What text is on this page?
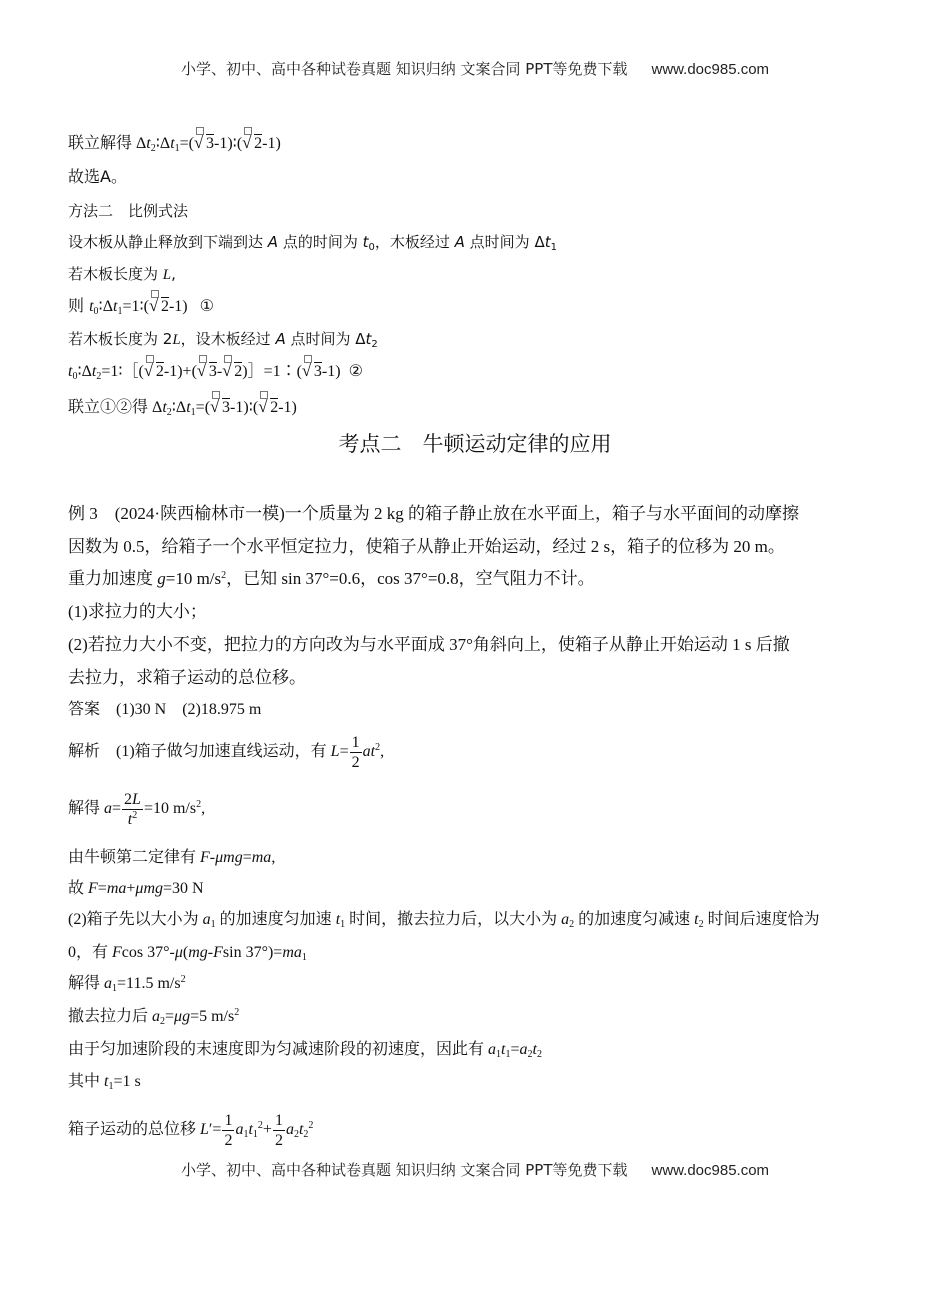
小学、初中、高中各种试卷真题 知识归纳 文案合同 PPT等免费下载 www.doc985.com
联立解得 $\Delta t_2∶\Delta t_1=$( √ 3-1)∶( √ 2-1)
故选A。
方法二　比例式法
设木板从静止释放到下端到达 A 点的时间为 $t_0$，木板经过 A 点时间为 $\Delta t_1$
若木板长度为 L,
则 $t_0∶\Delta t_1=1∶$( √ 2-1)   ①
若木板长度为 2L，设木板经过 A 点时间为 $\Delta t_2$
$t_0∶\Delta t_2=1∶[$( √ 2-1)+( √ 3- √ 2)］=1∶( √ 3-1)  ②
联立①②得 $\Delta t_2∶\Delta t_1=$( √ 3-1)∶( √ 2-1)
考点二　牛顿运动定律的应用
例 3　(2024·陕西榆林市一模)一个质量为 2 kg 的箱子静止放在水平面上，箱子与水平面间的动摩擦
因数为 0.5，给箱子一个水平恒定拉力，使箱子从静止开始运动，经过 2 s，箱子的位移为 20 m。
重力加速度 g=10 $m/s^2$，已知 sin 37°=0.6，cos 37°=0.8，空气阻力不计。
(1)求拉力的大小；
(2)若拉力大小不变，把拉力的方向改为与水平面成 37°角斜向上，使箱子从静止开始运动 1 s 后撤
去拉力，求箱子运动的总位移。
答案　(1)30 N　(2)18.975 m
解析　(1)箱子做匀加速直线运动，有 $L= \frac{1}{2} at^2$,
解得 $a= \frac{2L}{t^2} =10$ $m/s^2$,
由牛顿第二定律有 F-μmg=ma,
故 F=ma+μmg=30 N
(2)箱子先以大小为 $a_1$ 的加速度匀加速 $t_1$ 时间，撤去拉力后，以大小为 $a_2$ 的加速度匀减速 $t_2$ 时间后速度恰为
0，有 Fcos 37°-μ(mg-Fsin $37^\circ)=ma_1$
解得 $a_1=11.5$ $m/s^2$
撤去拉力后 $a_2=\mu g=5$ $m/s^2$
由于匀加速阶段的末速度即为匀减速阶段的初速度，因此有 $a_1t_1=a_2t_2$
其中 $t_1=1$ s
箱子运动的总位移 $L'= \frac{1}{2} a_1t_1^2+ \frac{1}{2} a_2t_2^2$
小学、初中、高中各种试卷真题 知识归纳 文案合同 PPT等免费下载 www.doc985.com
